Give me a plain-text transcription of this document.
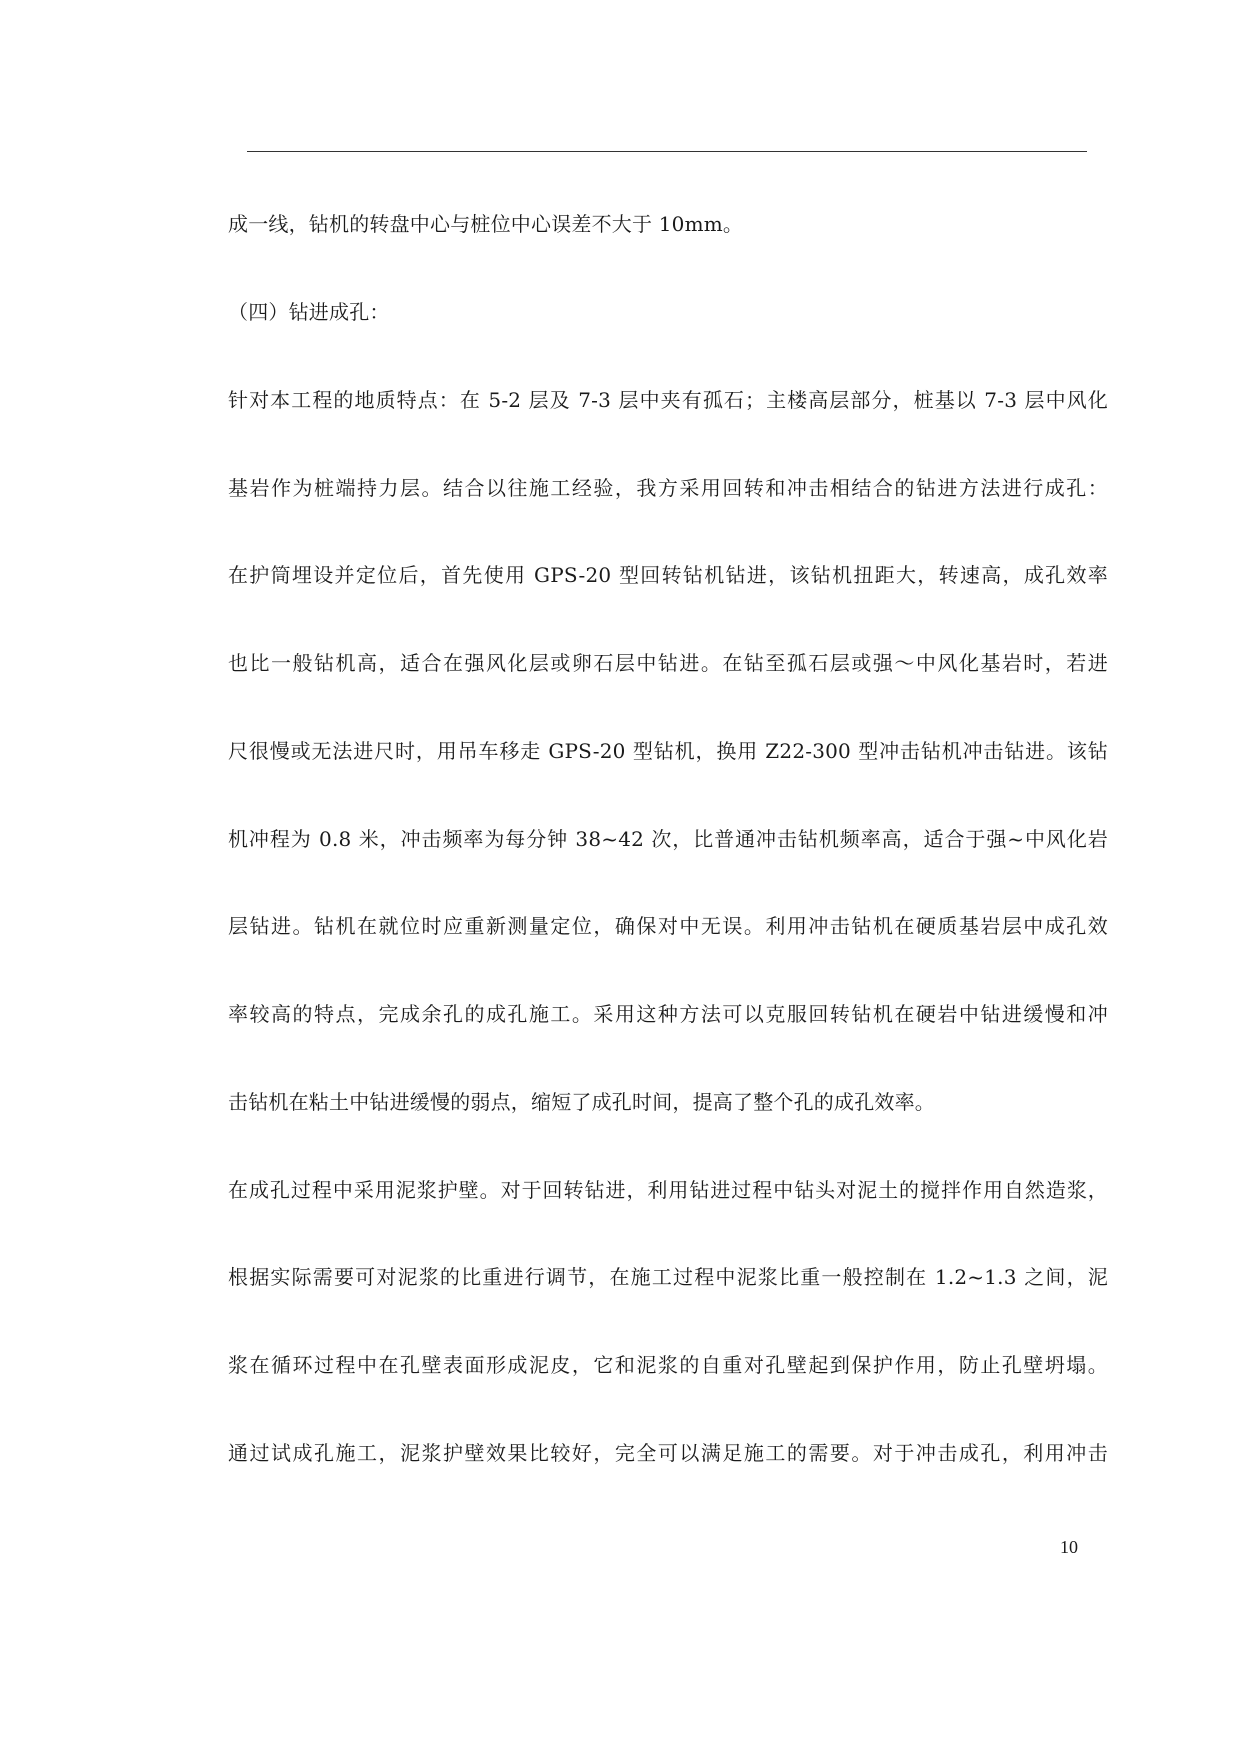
成一线，钻机的转盘中心与桩位中心误差不大于 10mm。
（四）钻进成孔：
针对本工程的地质特点：在 5-2 层及 7-3 层中夹有孤石；主楼高层部分，桩基以 7-3 层中风化
基岩作为桩端持力层。结合以往施工经验，我方采用回转和冲击相结合的钻进方法进行成孔：
在护筒埋设并定位后，首先使用 GPS-20 型回转钻机钻进，该钻机扭距大，转速高，成孔效率
也比一般钻机高，适合在强风化层或卵石层中钻进。在钻至孤石层或强～中风化基岩时，若进
尺很慢或无法进尺时，用吊车移走 GPS-20 型钻机，换用 Z22-300 型冲击钻机冲击钻进。该钻
机冲程为 0.8 米，冲击频率为每分钟 38~42 次，比普通冲击钻机频率高，适合于强~中风化岩
层钻进。钻机在就位时应重新测量定位，确保对中无误。利用冲击钻机在硬质基岩层中成孔效
率较高的特点，完成余孔的成孔施工。采用这种方法可以克服回转钻机在硬岩中钻进缓慢和冲
击钻机在粘土中钻进缓慢的弱点，缩短了成孔时间，提高了整个孔的成孔效率。
在成孔过程中采用泥浆护壁。对于回转钻进，利用钻进过程中钻头对泥土的搅拌作用自然造浆，
根据实际需要可对泥浆的比重进行调节，在施工过程中泥浆比重一般控制在 1.2~1.3 之间，泥
浆在循环过程中在孔壁表面形成泥皮，它和泥浆的自重对孔壁起到保护作用，防止孔壁坍塌。
通过试成孔施工，泥浆护壁效果比较好，完全可以满足施工的需要。对于冲击成孔，利用冲击
10
